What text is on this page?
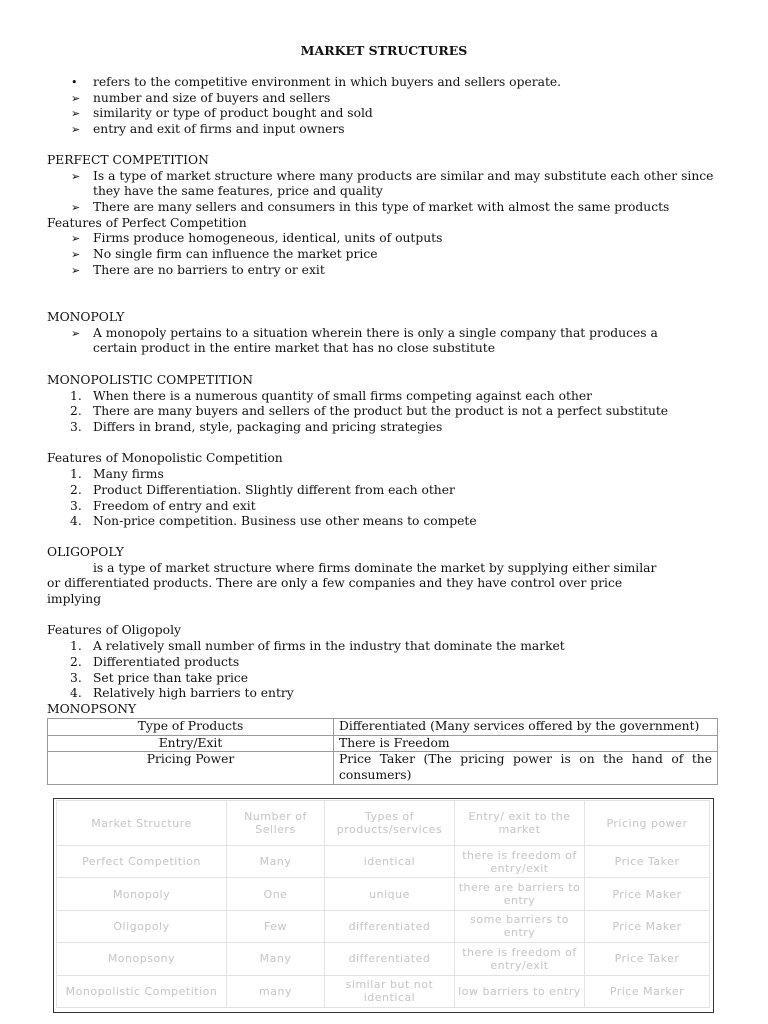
MARKET STRUCTURES
• refers to the competitive environment in which buyers and sellers operate.
➢ number and size of buyers and sellers
➢ similarity or type of product bought and sold
➢ entry and exit of firms and input owners
PERFECT COMPETITION
➢ Is a type of market structure where many products are similar and may substitute each other since they have the same features, price and quality
➢ There are many sellers and consumers in this type of market with almost the same products
Features of Perfect Competition
➢ Firms produce homogeneous, identical, units of outputs
➢ No single firm can influence the market price
➢ There are no barriers to entry or exit
MONOPOLY
➢ A monopoly pertains to a situation wherein there is only a single company that produces a certain product in the entire market that has no close substitute
MONOPOLISTIC COMPETITION
1. When there is a numerous quantity of small firms competing against each other
2. There are many buyers and sellers of the product but the product is not a perfect substitute
3. Differs in brand, style, packaging and pricing strategies
Features of Monopolistic Competition
1. Many firms
2. Product Differentiation. Slightly different from each other
3. Freedom of entry and exit
4. Non-price competition. Business use other means to compete
OLIGOPOLY
is a type of market structure where firms dominate the market by supplying either similar or differentiated products. There are only a few companies and they have control over price implying
Features of Oligopoly
1. A relatively small number of firms in the industry that dominate the market
2. Differentiated products
3. Set price than take price
4. Relatively high barriers to entry
MONOPSONY
Type of Products	Differentiated (Many services offered by the government)
Entry/Exit	There is Freedom
Pricing Power	Price Taker (The pricing power is on the hand of the consumers)
Market Structure	Number of Sellers	Types of products/services	Entry/ exit to the market	Pricing power
Perfect Competition	Many	identical	there is freedom of entry/exit	Price Taker
Monopoly	One	unique	there are barriers to entry	Price Maker
Oligopoly	Few	differentiated	some barriers to entry	Price Maker
Monopsony	Many	differentiated	there is freedom of entry/exit	Price Taker
Monopolistic Competition	many	similar but not identical	low barriers to entry	Price Marker
